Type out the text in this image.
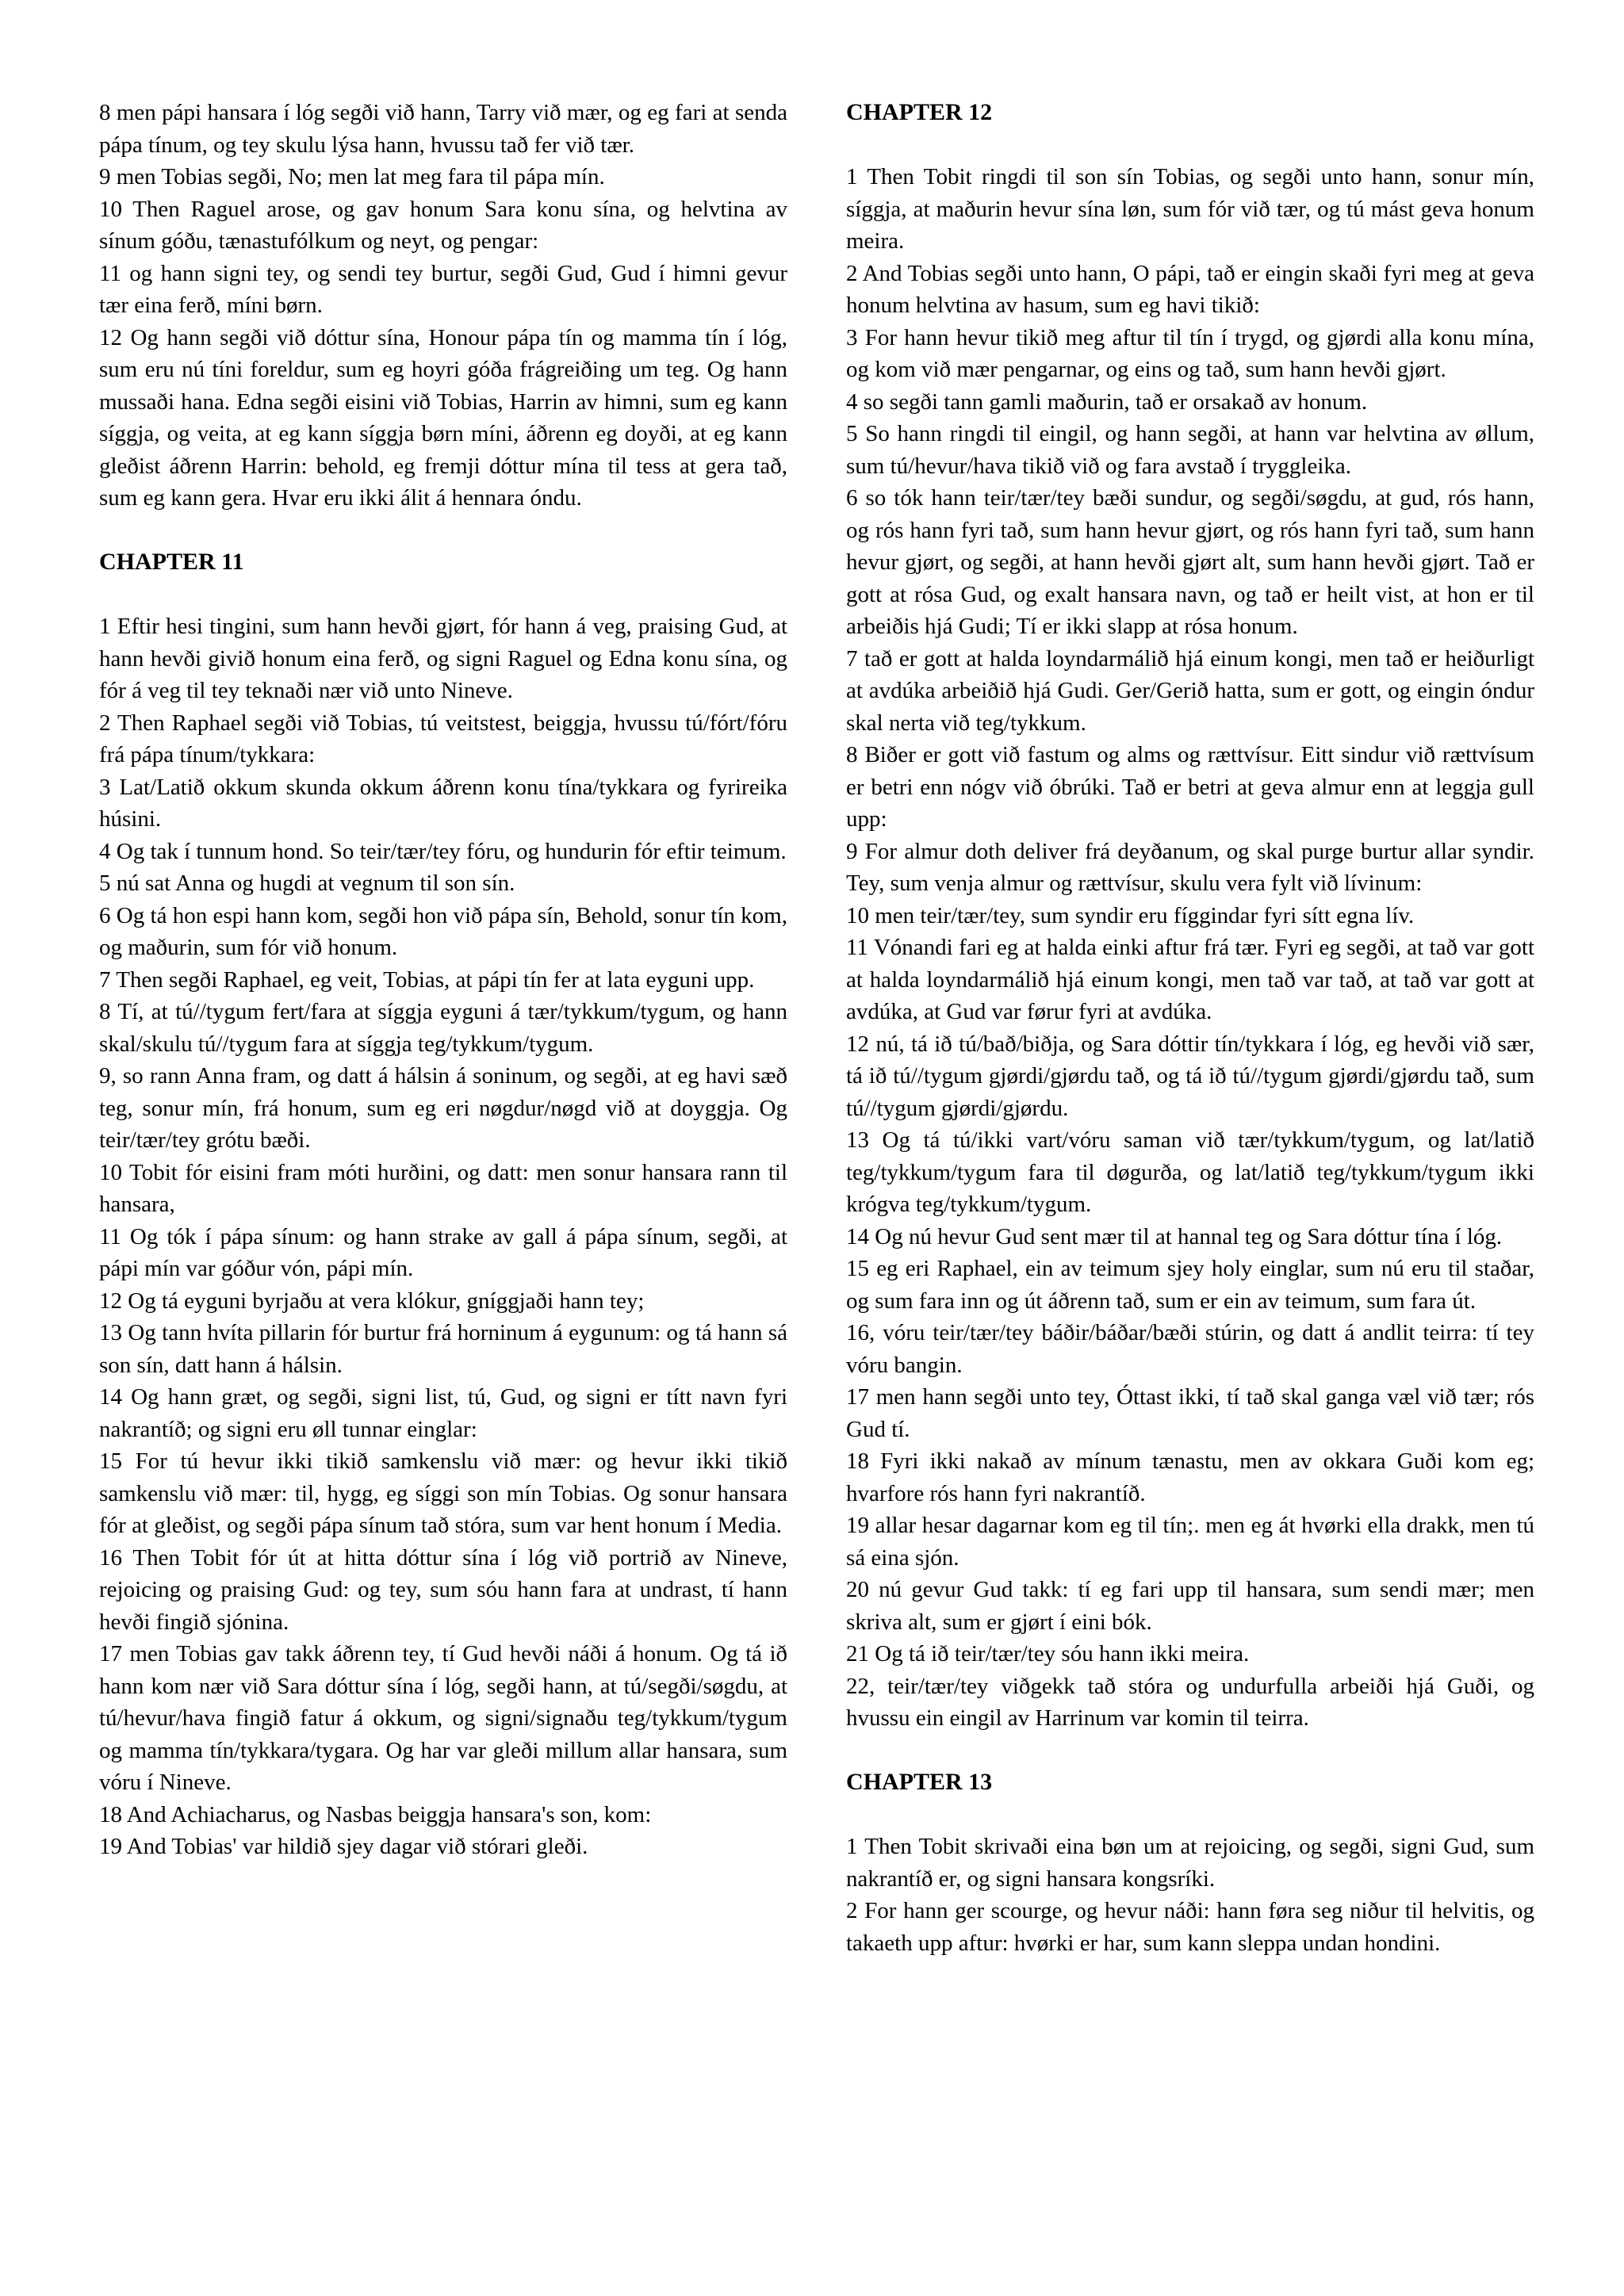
8 men pápi hansara í lóg segði við hann, Tarry við mær, og eg fari at senda pápa tínum, og tey skulu lýsa hann, hvussu tað fer við tær.

9 men Tobias segði, No; men lat meg fara til pápa mín.

10 Then Raguel arose, og gav honum Sara konu sína, og helvtina av sínum góðu, tænastufólkum og neyt, og pengar:

11 og hann signi tey, og sendi tey burtur, segði Gud, Gud í himni gevur tær eina ferð, míni børn.

12 Og hann segði við dóttur sína, Honour pápa tín og mamma tín í lóg, sum eru nú tíni foreldur, sum eg hoyri góða frágreiðing um teg. Og hann mussaði hana. Edna segði eisini við Tobias, Harrin av himni, sum eg kann síggja, og veita, at eg kann síggja børn míni, áðrenn eg doyði, at eg kann gleðist áðrenn Harrin: behold, eg fremji dóttur mína til tess at gera tað, sum eg kann gera. Hvar eru ikki álit á hennara óndu.

CHAPTER 11

1 Eftir hesi tingini, sum hann hevði gjørt, fór hann á veg, praising Gud, at hann hevði givið honum eina ferð, og signi Raguel og Edna konu sína, og fór á veg til tey teknaði nær við unto Nineve.

2 Then Raphael segði við Tobias, tú veitstest, beiggja, hvussu tú/fórt/fóru frá pápa tínum/tykkara:

3 Lat/Latið okkum skunda okkum áðrenn konu tína/tykkara og fyrireika húsini.

4 Og tak í tunnum hond. So teir/tær/tey fóru, og hundurin fór eftir teimum.

5 nú sat Anna og hugdi at vegnum til son sín.

6 Og tá hon espi hann kom, segði hon við pápa sín, Behold, sonur tín kom, og maðurin, sum fór við honum.

7 Then segði Raphael, eg veit, Tobias, at pápi tín fer at lata eyguni upp.

8 Tí, at tú//tygum fert/fara at síggja eyguni á tær/tykkum/tygum, og hann skal/skulu tú//tygum fara at síggja teg/tykkum/tygum.

9, so rann Anna fram, og datt á hálsin á soninum, og segði, at eg havi sæð teg, sonur mín, frá honum, sum eg eri nøgdur/nøgd við at doyggja. Og teir/tær/tey grótu bæði.

10 Tobit fór eisini fram móti hurðini, og datt: men sonur hansara rann til hansara,

11 Og tók í pápa sínum: og hann strake av gall á pápa sínum, segði, at pápi mín var góður vón, pápi mín.

12 Og tá eyguni byrjaðu at vera klókur, gníggjaði hann tey;

13 Og tann hvíta pillarin fór burtur frá horninum á eygunum: og tá hann sá son sín, datt hann á hálsin.

14 Og hann græt, og segði, signi list, tú, Gud, og signi er títt navn fyri nakrantíð; og signi eru øll tunnar einglar:

15 For tú hevur ikki tikið samkenslu við mær: og hevur ikki tikið samkenslu við mær: til, hygg, eg síggi son mín Tobias. Og sonur hansara fór at gleðist, og segði pápa sínum tað stóra, sum var hent honum í Media.

16 Then Tobit fór út at hitta dóttur sína í lóg við portrið av Nineve, rejoicing og praising Gud: og tey, sum sóu hann fara at undrast, tí hann hevði fingið sjónina.

17 men Tobias gav takk áðrenn tey, tí Gud hevði náði á honum. Og tá ið hann kom nær við Sara dóttur sína í lóg, segði hann, at tú/segði/søgdu, at tú/hevur/hava fingið fatur á okkum, og signi/signaðu teg/tykkum/tygum og mamma tín/tykkara/tygara. Og har var gleði millum allar hansara, sum vóru í Nineve.

18 And Achiacharus, og Nasbas beiggja hansara's son, kom:

19 And Tobias' var hildið sjey dagar við stórari gleði.

CHAPTER 12

1 Then Tobit ringdi til son sín Tobias, og segði unto hann, sonur mín, síggja, at maðurin hevur sína løn, sum fór við tær, og tú mást geva honum meira.

2 And Tobias segði unto hann, O pápi, tað er eingin skaði fyri meg at geva honum helvtina av hasum, sum eg havi tikið:

3 For hann hevur tikið meg aftur til tín í trygd, og gjørdi alla konu mína, og kom við mær pengarnar, og eins og tað, sum hann hevði gjørt.

4 so segði tann gamli maðurin, tað er orsakað av honum.

5 So hann ringdi til eingil, og hann segði, at hann var helvtina av øllum, sum tú/hevur/hava tikið við og fara avstað í tryggleika.

6 so tók hann teir/tær/tey bæði sundur, og segði/søgdu, at gud, rós hann, og rós hann fyri tað, sum hann hevur gjørt, og rós hann fyri tað, sum hann hevur gjørt, og segði, at hann hevði gjørt alt, sum hann hevði gjørt. Tað er gott at rósa Gud, og exalt hansara navn, og tað er heilt vist, at hon er til arbeiðis hjá Gudi; Tí er ikki slapp at rósa honum.

7 tað er gott at halda loyndarmálið hjá einum kongi, men tað er heiðurligt at avdúka arbeiðið hjá Gudi. Ger/Gerið hatta, sum er gott, og eingin óndur skal nerta við teg/tykkum.

8 Biðer er gott við fastum og alms og rættvísur. Eitt sindur við rættvísum er betri enn nógv við óbrúki. Tað er betri at geva almur enn at leggja gull upp:

9 For almur doth deliver frá deyðanum, og skal purge burtur allar syndir. Tey, sum venja almur og rættvísur, skulu vera fylt við lívinum:

10 men teir/tær/tey, sum syndir eru fíggindar fyri sítt egna lív.

11 Vónandi fari eg at halda einki aftur frá tær. Fyri eg segði, at tað var gott at halda loyndarmálið hjá einum kongi, men tað var tað, at tað var gott at avdúka, at Gud var førur fyri at avdúka.

12 nú, tá ið tú/bað/biðja, og Sara dóttir tín/tykkara í lóg, eg hevði við sær, tá ið tú//tygum gjørdi/gjørdu tað, og tá ið tú//tygum gjørdi/gjørdu tað, sum tú//tygum gjørdi/gjørdu.

13 Og tá tú/ikki vart/vóru saman við tær/tykkum/tygum, og lat/latið teg/tykkum/tygum fara til døgurða, og lat/latið teg/tykkum/tygum ikki krógva teg/tykkum/tygum.

14 Og nú hevur Gud sent mær til at hannal teg og Sara dóttur tína í lóg.

15 eg eri Raphael, ein av teimum sjey holy einglar, sum nú eru til staðar, og sum fara inn og út áðrenn tað, sum er ein av teimum, sum fara út.

16, vóru teir/tær/tey báðir/báðar/bæði stúrin, og datt á andlit teirra: tí tey vóru bangin.

17 men hann segði unto tey, Óttast ikki, tí tað skal ganga væl við tær; rós Gud tí.

18 Fyri ikki nakað av mínum tænastu, men av okkara Guði kom eg; hvarfore rós hann fyri nakrantíð.

19 allar hesar dagarnar kom eg til tín;. men eg át hvørki ella drakk, men tú sá eina sjón.

20 nú gevur Gud takk: tí eg fari upp til hansara, sum sendi mær; men skriva alt, sum er gjørt í eini bók.

21 Og tá ið teir/tær/tey sóu hann ikki meira.

22, teir/tær/tey viðgekk tað stóra og undurfulla arbeiði hjá Guði, og hvussu ein eingil av Harrinum var komin til teirra.

CHAPTER 13

1 Then Tobit skrivaði eina bøn um at rejoicing, og segði, signi Gud, sum nakrantíð er, og signi hansara kongsríki.

2 For hann ger scourge, og hevur náði: hann føra seg niður til helvitis, og takaeth upp aftur: hvørki er har, sum kann sleppa undan hondini.
